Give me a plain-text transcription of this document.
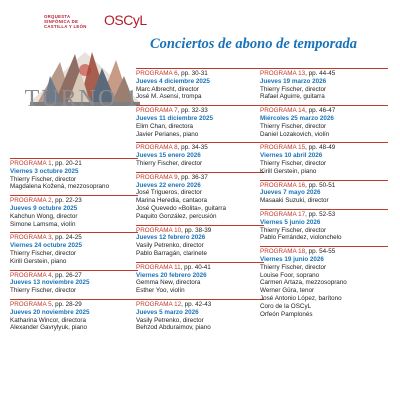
ORQUESTA
SINFÓNICA DE
CASTILLA Y LEÓN	OSCyL
TURNO 1
Conciertos de abono de temporada
PROGRAMA 1, pp. 20-21
Viernes 3 octubre 2025
Thierry Fischer, director
Magdalena Kožená, mezzosoprano
PROGRAMA 2, pp. 22-23
Jueves 9 octubre 2025
Kahchun Wong, director
Simone Lamsma, violín
PROGRAMA 3, pp. 24-25
Viernes 24 octubre 2025
Thierry Fischer, director
Kirill Gerstein, piano
PROGRAMA 4, pp. 26-27
Jueves 13 noviembre 2025
Thierry Fischer, director
PROGRAMA 5, pp. 28-29
Jueves 20 noviembre 2025
Katharina Wincor, directora
Alexander Gavrylyuk, piano
PROGRAMA 6, pp. 30-31
Jueves 4 diciembre 2025
Marc Albrecht, director
José M. Asensi, trompa
PROGRAMA 7, pp. 32-33
Jueves 11 diciembre 2025
Elim Chan, directora
Javier Perianes, piano
PROGRAMA 8, pp. 34-35
Jueves 15 enero 2026
Thierry Fischer, director
PROGRAMA 9, pp. 36-37
Jueves 22 enero 2026
José Trigueros, director
Marina Heredia, cantaora
José Quevedo «Bolita», guitarra
Paquito González, percusión
PROGRAMA 10, pp. 38-39
Jueves 12 febrero 2026
Vasily Petrenko, director
Pablo Barragán, clarinete
PROGRAMA 11, pp. 40-41
Viernes 20 febrero 2026
Gemma New, directora
Esther Yoo, violín
PROGRAMA 12, pp. 42-43
Jueves 5 marzo 2026
Vasily Petrenko, director
Behzod Abduraimov, piano
PROGRAMA 13, pp. 44-45
Jueves 19 marzo 2026
Thierry Fischer, director
Rafael Aguirre, guitarra
PROGRAMA 14, pp. 46-47
Miércoles 25 marzo 2026
Thierry Fischer, director
Daniel Lozakovich, violín
PROGRAMA 15, pp. 48-49
Viernes 10 abril 2026
Thierry Fischer, director
Kirill Gerstein, piano
PROGRAMA 16, pp. 50-51
Jueves 7 mayo 2026
Masaaki Suzuki, director
PROGRAMA 17, pp. 52-53
Viernes 5 junio 2026
Thierry Fischer, director
Pablo Ferrández, violonchelo
PROGRAMA 18, pp. 54-55
Viernes 19 junio 2026
Thierry Fischer, director
Louise Foor, soprano
Carmen Artaza, mezzosoprano
Werner Güra, tenor
José Antonio López, barítono
Coro de la OSCyL
Orfeón Pamplonés
